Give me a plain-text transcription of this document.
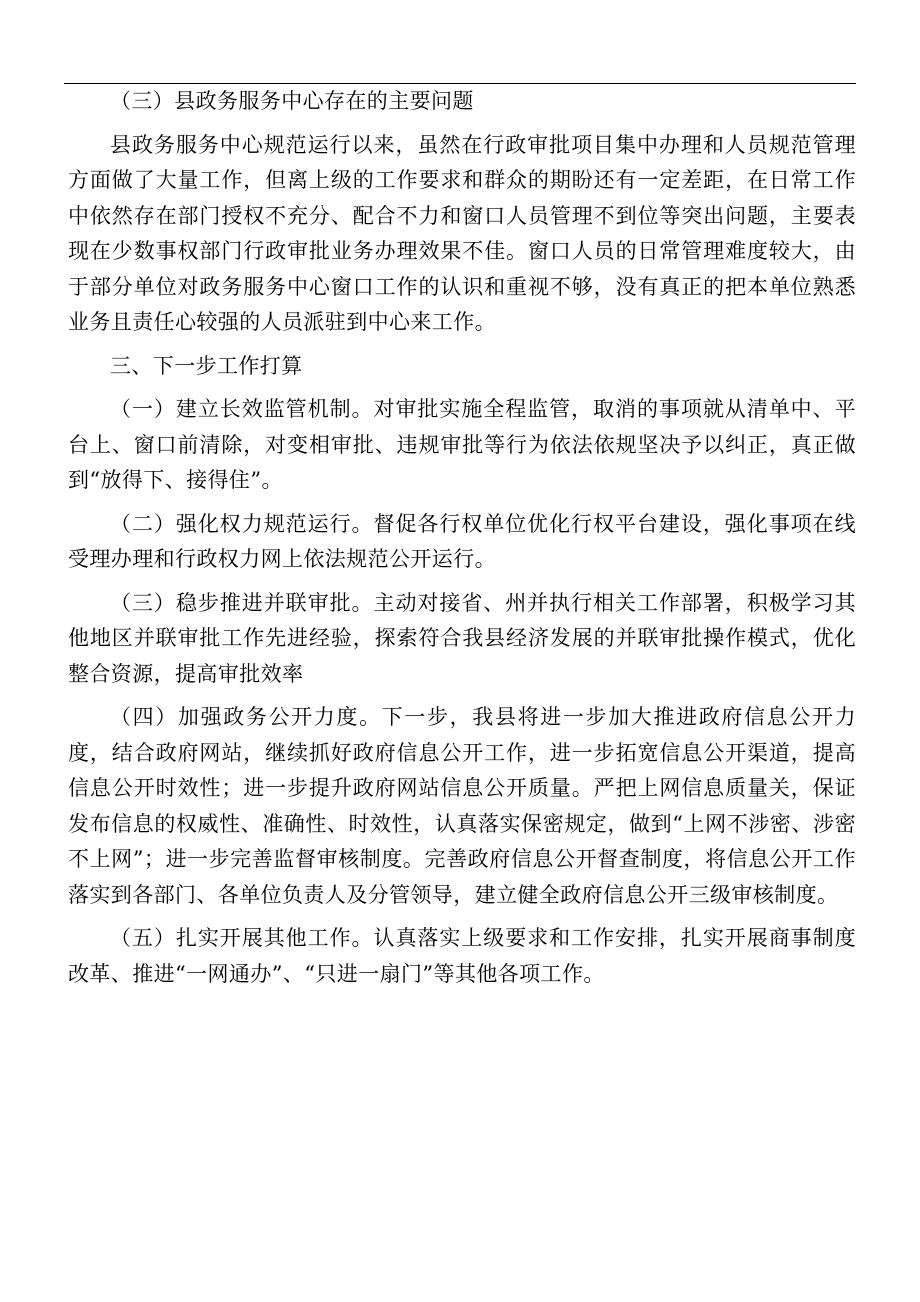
（三）县政务服务中心存在的主要问题

县政务服务中心规范运行以来，虽然在行政审批项目集中办理和人员规范管理方面做了大量工作，但离上级的工作要求和群众的期盼还有一定差距，在日常工作中依然存在部门授权不充分、配合不力和窗口人员管理不到位等突出问题，主要表现在少数事权部门行政审批业务办理效果不佳。窗口人员的日常管理难度较大，由于部分单位对政务服务中心窗口工作的认识和重视不够，没有真正的把本单位熟悉业务且责任心较强的人员派驻到中心来工作。

三、下一步工作打算

（一）建立长效监管机制。对审批实施全程监管，取消的事项就从清单中、平台上、窗口前清除，对变相审批、违规审批等行为依法依规坚决予以纠正，真正做到“放得下、接得住”。

（二）强化权力规范运行。督促各行权单位优化行权平台建设，强化事项在线受理办理和行政权力网上依法规范公开运行。

（三）稳步推进并联审批。主动对接省、州并执行相关工作部署，积极学习其他地区并联审批工作先进经验，探索符合我县经济发展的并联审批操作模式，优化整合资源，提高审批效率

（四）加强政务公开力度。下一步，我县将进一步加大推进政府信息公开力度，结合政府网站，继续抓好政府信息公开工作，进一步拓宽信息公开渠道，提高信息公开时效性；进一步提升政府网站信息公开质量。严把上网信息质量关，保证发布信息的权威性、准确性、时效性，认真落实保密规定，做到“上网不涉密、涉密不上网”；进一步完善监督审核制度。完善政府信息公开督查制度，将信息公开工作落实到各部门、各单位负责人及分管领导，建立健全政府信息公开三级审核制度。

（五）扎实开展其他工作。认真落实上级要求和工作安排，扎实开展商事制度改革、推进“一网通办”、“只进一扇门”等其他各项工作。
